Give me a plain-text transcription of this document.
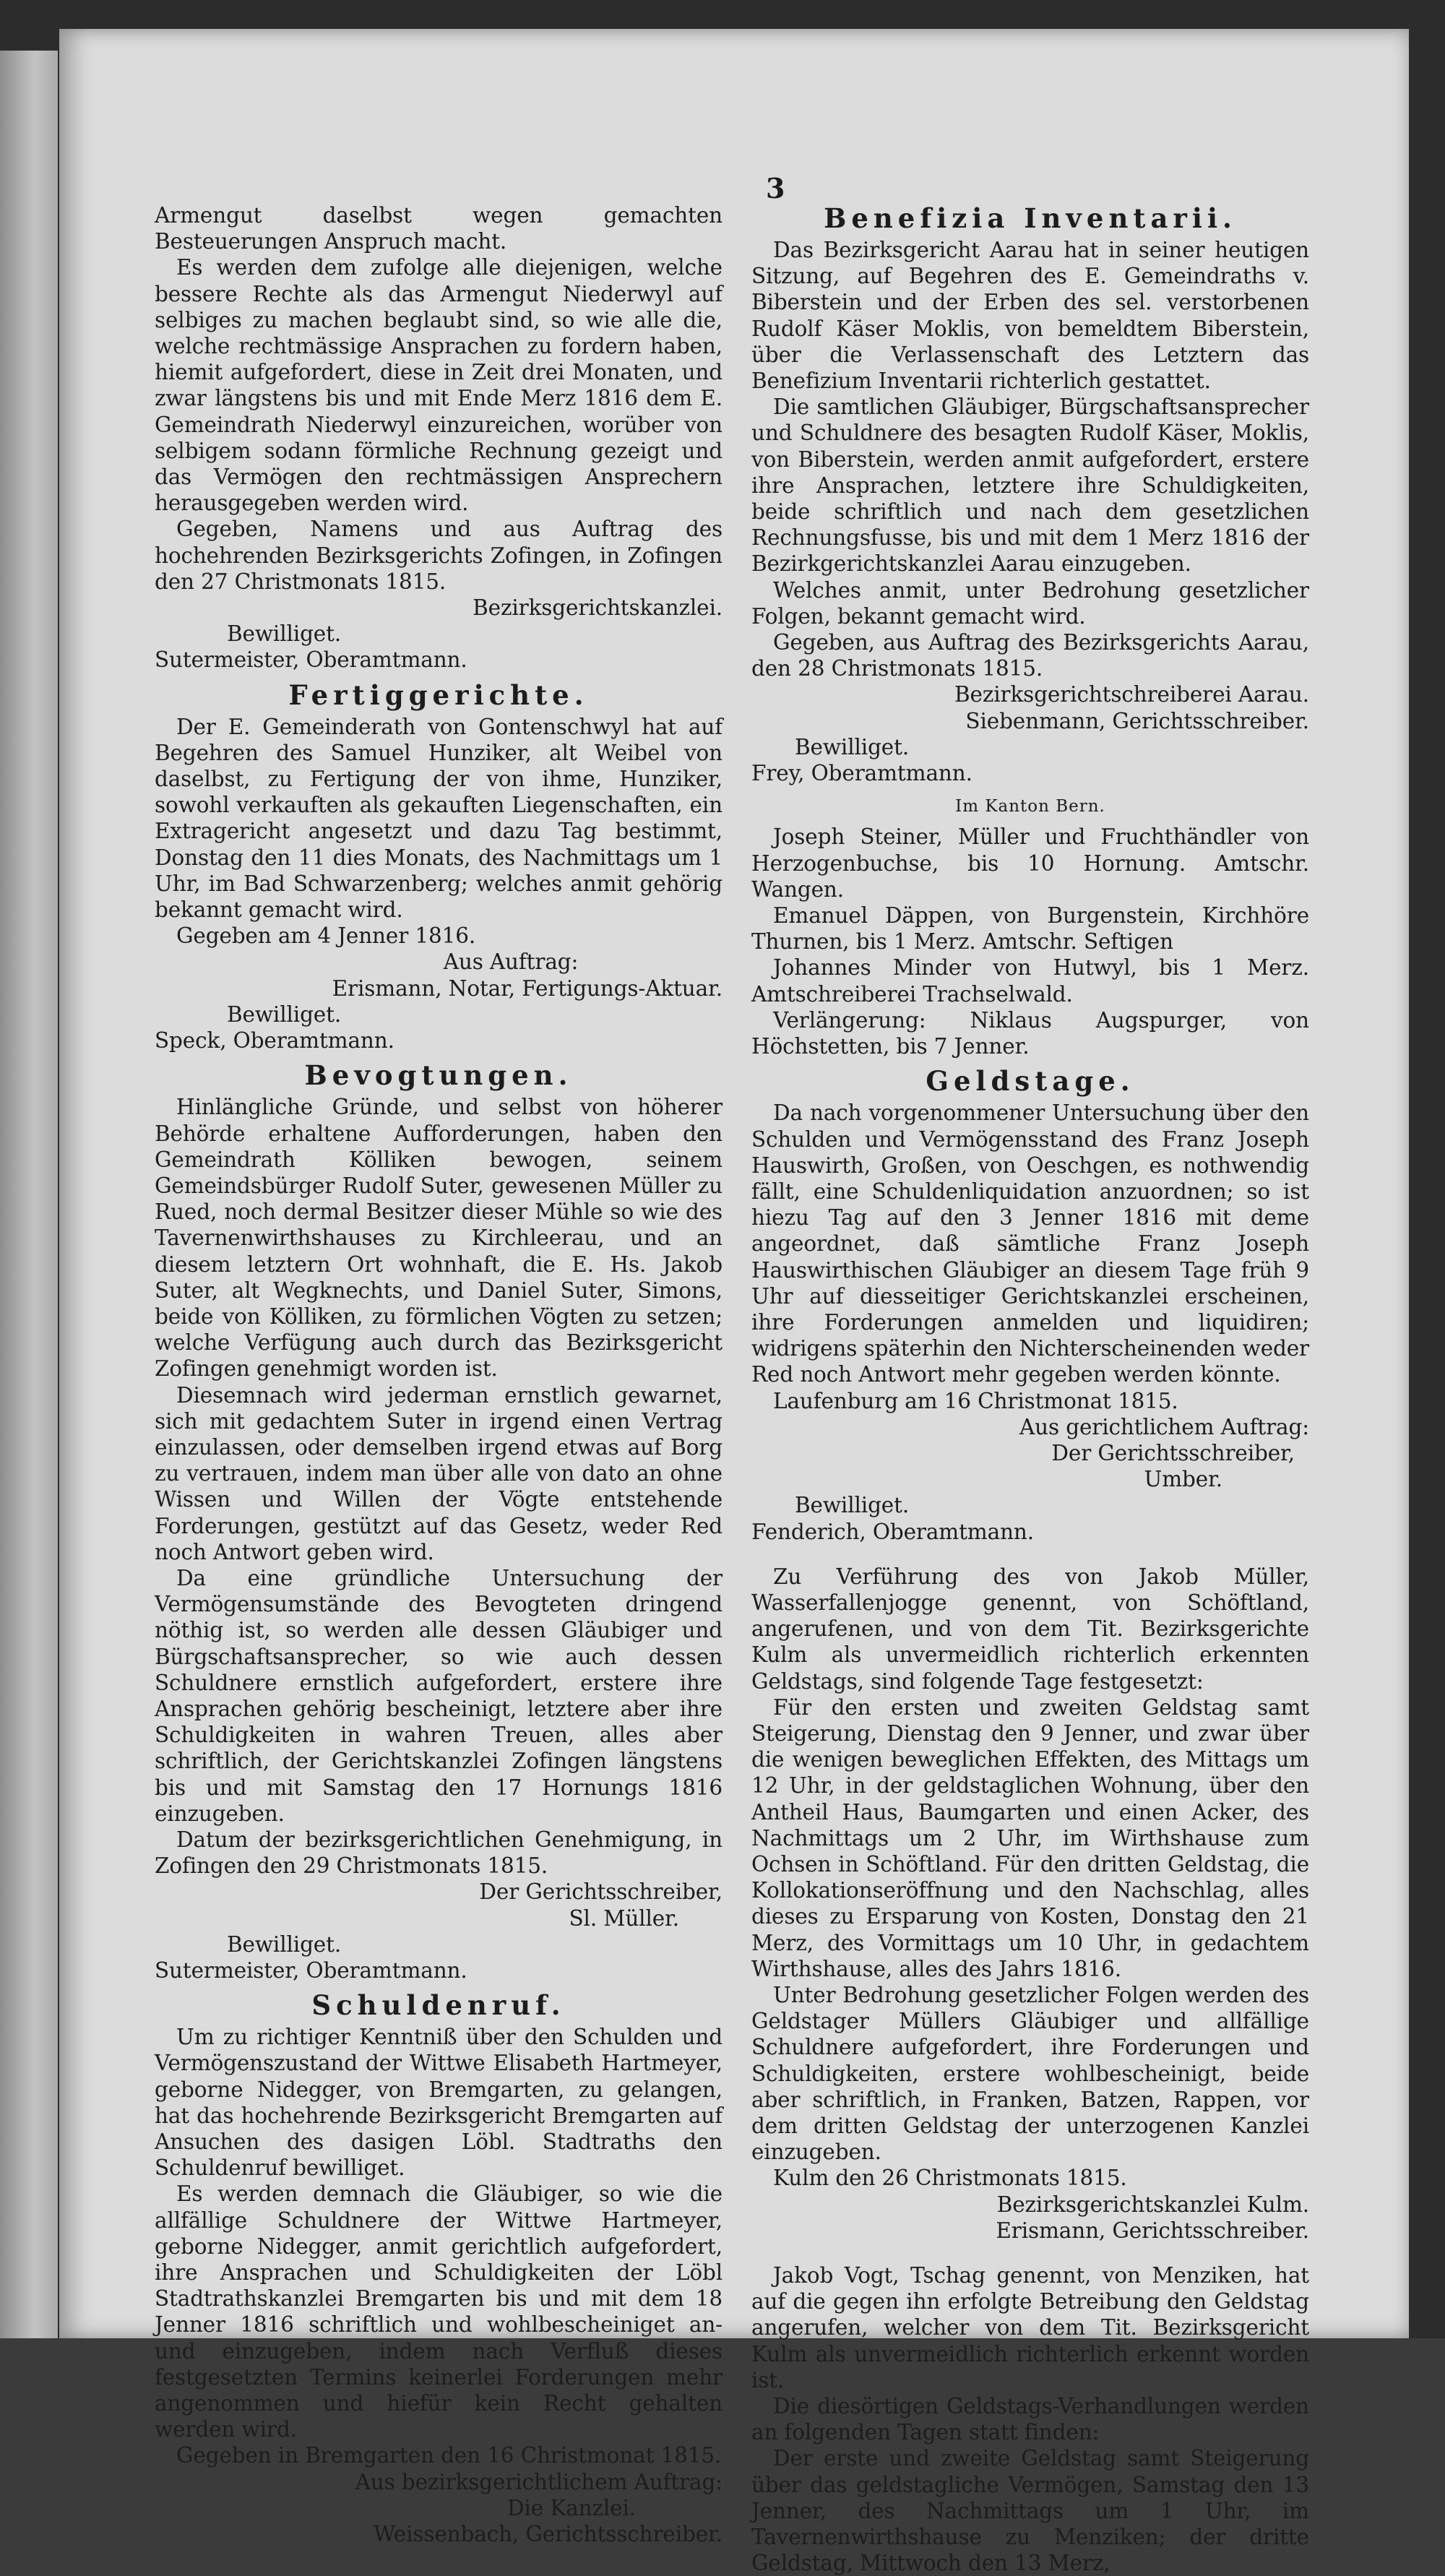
3

Armengut daselbst wegen gemachten Besteuerungen Anspruch macht.

Es werden dem zufolge alle diejenigen, welche bessere Rechte als das Armengut Niederwyl auf selbiges zu machen beglaubt sind, so wie alle die, welche rechtmässige Ansprachen zu fordern haben, hiemit aufgefordert, diese in Zeit drei Monaten, und zwar längstens bis und mit Ende Merz 1816 dem E. Gemeindrath Niederwyl einzureichen, worüber von selbigem sodann förmliche Rechnung gezeigt und das Vermögen den rechtmässigen Ansprechern herausgegeben werden wird.

Gegeben, Namens und aus Auftrag des hochehrenden Bezirksgerichts Zofingen, in Zofingen den 27 Christmonats 1815.

Bezirksgerichtskanzlei.

Bewilliget.

Sutermeister, Oberamtmann.

Fertiggerichte.

Der E. Gemeinderath von Gontenschwyl hat auf Begehren des Samuel Hunziker, alt Weibel von daselbst, zu Fertigung der von ihme, Hunziker, sowohl verkauften als gekauften Liegenschaften, ein Extragericht angesetzt und dazu Tag bestimmt, Donstag den 11 dies Monats, des Nachmittags um 1 Uhr, im Bad Schwarzenberg; welches anmit gehörig bekannt gemacht wird.

Gegeben am 4 Jenner 1816.

Aus Auftrag:

Erismann, Notar, Fertigungs-Aktuar.

Bewilliget.

Speck, Oberamtmann.

Bevogtungen.

Hinlängliche Gründe, und selbst von höherer Behörde erhaltene Aufforderungen, haben den Gemeindrath Kölliken bewogen, seinem Gemeindsbürger Rudolf Suter, gewesenen Müller zu Rued, noch dermal Besitzer dieser Mühle so wie des Tavernenwirthshauses zu Kirchleerau, und an diesem letztern Ort wohnhaft, die E. Hs. Jakob Suter, alt Wegknechts, und Daniel Suter, Simons, beide von Kölliken, zu förmlichen Vögten zu setzen; welche Verfügung auch durch das Bezirksgericht Zofingen genehmigt worden ist.

Diesemnach wird jederman ernstlich gewarnet, sich mit gedachtem Suter in irgend einen Vertrag einzulassen, oder demselben irgend etwas auf Borg zu vertrauen, indem man über alle von dato an ohne Wissen und Willen der Vögte entstehende Forderungen, gestützt auf das Gesetz, weder Red noch Antwort geben wird.

Da eine gründliche Untersuchung der Vermögensumstände des Bevogteten dringend nöthig ist, so werden alle dessen Gläubiger und Bürgschaftsansprecher, so wie auch dessen Schuldnere ernstlich aufgefordert, erstere ihre Ansprachen gehörig bescheinigt, letztere aber ihre Schuldigkeiten in wahren Treuen, alles aber schriftlich, der Gerichtskanzlei Zofingen längstens bis und mit Samstag den 17 Hornungs 1816 einzugeben.

Datum der bezirksgerichtlichen Genehmigung, in Zofingen den 29 Christmonats 1815.

Der Gerichtsschreiber,

Sl. Müller.

Bewilliget.

Sutermeister, Oberamtmann.

Schuldenruf.

Um zu richtiger Kenntniß über den Schulden und Vermögenszustand der Wittwe Elisabeth Hartmeyer, geborne Nidegger, von Bremgarten, zu gelangen, hat das hochehrende Bezirksgericht Bremgarten auf Ansuchen des dasigen Löbl. Stadtraths den Schuldenruf bewilliget.

Es werden demnach die Gläubiger, so wie die allfällige Schuldnere der Wittwe Hartmeyer, geborne Nidegger, anmit gerichtlich aufgefordert, ihre Ansprachen und Schuldigkeiten der Löbl Stadtrathskanzlei Bremgarten bis und mit dem 18 Jenner 1816 schriftlich und wohlbescheiniget an- und einzugeben, indem nach Verfluß dieses festgesetzten Termins keinerlei Forderungen mehr angenommen und hiefür kein Recht gehalten werden wird.

Gegeben in Bremgarten den 16 Christmonat 1815.

Aus bezirksgerichtlichem Auftrag:

Die Kanzlei.

Weissenbach, Gerichtsschreiber.

Benefizia Inventarii.

Das Bezirksgericht Aarau hat in seiner heutigen Sitzung, auf Begehren des E. Gemeindraths v. Biberstein und der Erben des sel. verstorbenen Rudolf Käser Moklis, von bemeldtem Biberstein, über die Verlassenschaft des Letztern das Benefizium Inventarii richterlich gestattet.

Die samtlichen Gläubiger, Bürgschaftsansprecher und Schuldnere des besagten Rudolf Käser, Moklis, von Biberstein, werden anmit aufgefordert, erstere ihre Ansprachen, letztere ihre Schuldigkeiten, beide schriftlich und nach dem gesetzlichen Rechnungsfusse, bis und mit dem 1 Merz 1816 der Bezirkgerichtskanzlei Aarau einzugeben.

Welches anmit, unter Bedrohung gesetzlicher Folgen, bekannt gemacht wird.

Gegeben, aus Auftrag des Bezirksgerichts Aarau, den 28 Christmonats 1815.

Bezirksgerichtschreiberei Aarau.

Siebenmann, Gerichtsschreiber.

Bewilliget.

Frey, Oberamtmann.

Im Kanton Bern.

Joseph Steiner, Müller und Fruchthändler von Herzogenbuchse, bis 10 Hornung. Amtschr. Wangen.

Emanuel Däppen, von Burgenstein, Kirchhöre Thurnen, bis 1 Merz. Amtschr. Seftigen

Johannes Minder von Hutwyl, bis 1 Merz. Amtschreiberei Trachselwald.

Verlängerung: Niklaus Augspurger, von Höchstetten, bis 7 Jenner.

Geldstage.

Da nach vorgenommener Untersuchung über den Schulden und Vermögensstand des Franz Joseph Hauswirth, Großen, von Oeschgen, es nothwendig fällt, eine Schuldenliquidation anzuordnen; so ist hiezu Tag auf den 3 Jenner 1816 mit deme angeordnet, daß sämtliche Franz Joseph Hauswirthischen Gläubiger an diesem Tage früh 9 Uhr auf diesseitiger Gerichtskanzlei erscheinen, ihre Forderungen anmelden und liquidiren; widrigens späterhin den Nichterscheinenden weder Red noch Antwort mehr gegeben werden könnte.

Laufenburg am 16 Christmonat 1815.

Aus gerichtlichem Auftrag:

Der Gerichtsschreiber,

Umber.

Bewilliget.

Fenderich, Oberamtmann.

Zu Verführung des von Jakob Müller, Wasserfallenjogge genennt, von Schöftland, angerufenen, und von dem Tit. Bezirksgerichte Kulm als unvermeidlich richterlich erkennten Geldstags, sind folgende Tage festgesetzt:

Für den ersten und zweiten Geldstag samt Steigerung, Dienstag den 9 Jenner, und zwar über die wenigen beweglichen Effekten, des Mittags um 12 Uhr, in der geldstaglichen Wohnung, über den Antheil Haus, Baumgarten und einen Acker, des Nachmittags um 2 Uhr, im Wirthshause zum Ochsen in Schöftland. Für den dritten Geldstag, die Kollokationseröffnung und den Nachschlag, alles dieses zu Ersparung von Kosten, Donstag den 21 Merz, des Vormittags um 10 Uhr, in gedachtem Wirthshause, alles des Jahrs 1816.

Unter Bedrohung gesetzlicher Folgen werden des Geldstager Müllers Gläubiger und allfällige Schuldnere aufgefordert, ihre Forderungen und Schuldigkeiten, erstere wohlbescheinigt, beide aber schriftlich, in Franken, Batzen, Rappen, vor dem dritten Geldstag der unterzogenen Kanzlei einzugeben.

Kulm den 26 Christmonats 1815.

Bezirksgerichtskanzlei Kulm.

Erismann, Gerichtsschreiber.

Jakob Vogt, Tschag genennt, von Menziken, hat auf die gegen ihn erfolgte Betreibung den Geldstag angerufen, welcher von dem Tit. Bezirksgericht Kulm als unvermeidlich richterlich erkennt worden ist.

Die diesörtigen Geldstags-Verhandlungen werden an folgenden Tagen statt finden:

Der erste und zweite Geldstag samt Steigerung über das geldstagliche Vermögen, Samstag den 13 Jenner, des Nachmittags um 1 Uhr, im Tavernenwirthshause zu Menziken; der dritte Geldstag, Mittwoch den 13 Merz,
